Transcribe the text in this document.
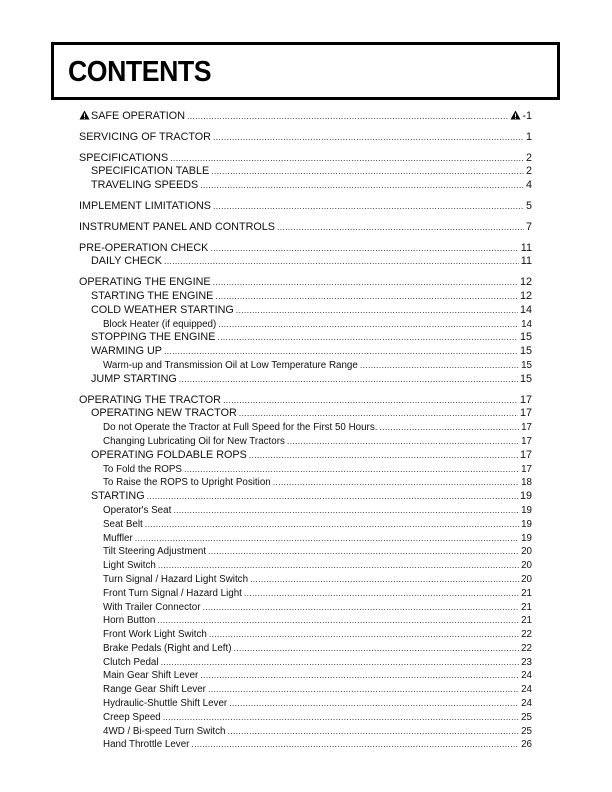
CONTENTS
SAFE OPERATION .....	-1
SERVICING OF TRACTOR .....	1
SPECIFICATIONS .....	2
SPECIFICATION TABLE .....	2
TRAVELING SPEEDS .....	4
IMPLEMENT LIMITATIONS .....	5
INSTRUMENT PANEL AND CONTROLS .....	7
PRE-OPERATION CHECK .....	11
DAILY CHECK .....	11
OPERATING THE ENGINE .....	12
STARTING THE ENGINE .....	12
COLD WEATHER STARTING .....	14
Block Heater (if equipped) .....	14
STOPPING THE ENGINE .....	15
WARMING UP .....	15
Warm-up and Transmission Oil at Low Temperature Range .....	15
JUMP STARTING .....	15
OPERATING THE TRACTOR .....	17
OPERATING NEW TRACTOR .....	17
Do not Operate the Tractor at Full Speed for the First 50 Hours. .....	17
Changing Lubricating Oil for New Tractors .....	17
OPERATING FOLDABLE ROPS .....	17
To Fold the ROPS .....	17
To Raise the ROPS to Upright Position .....	18
STARTING .....	19
Operator's Seat .....	19
Seat Belt .....	19
Muffler .....	19
Tilt Steering Adjustment .....	20
Light Switch .....	20
Turn Signal / Hazard Light Switch .....	20
Front Turn Signal / Hazard Light .....	21
With Trailer Connector .....	21
Horn Button .....	21
Front Work Light Switch .....	22
Brake Pedals (Right and Left) .....	22
Clutch Pedal .....	23
Main Gear Shift Lever .....	24
Range Gear Shift Lever .....	24
Hydraulic-Shuttle Shift Lever .....	24
Creep Speed .....	25
4WD / Bi-speed Turn Switch .....	25
Hand Throttle Lever .....	26
